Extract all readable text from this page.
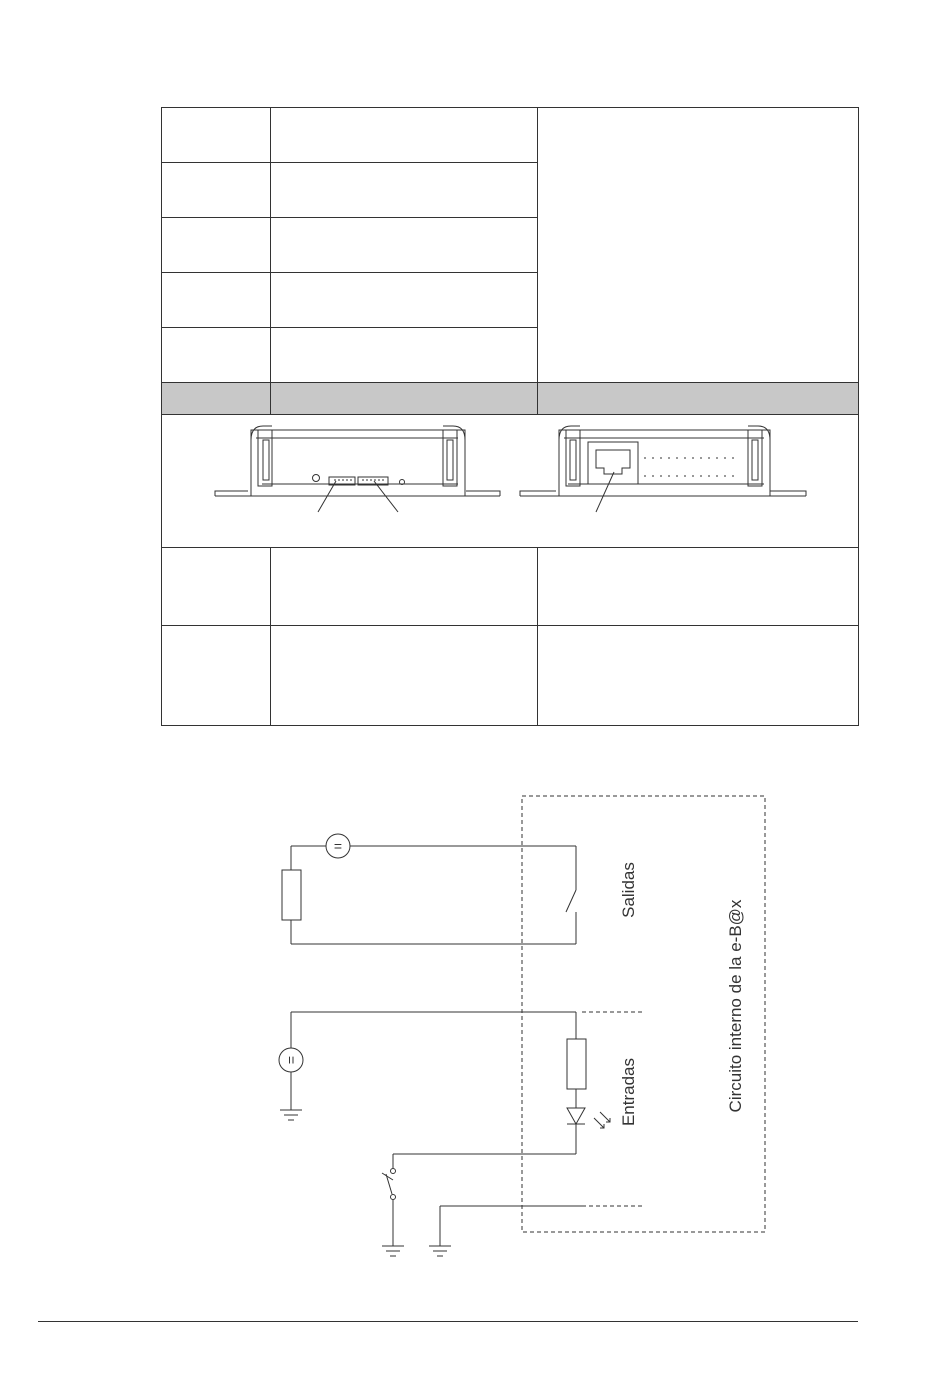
=
=
Salidas
Entradas	Circuito interno de la e-B@x
